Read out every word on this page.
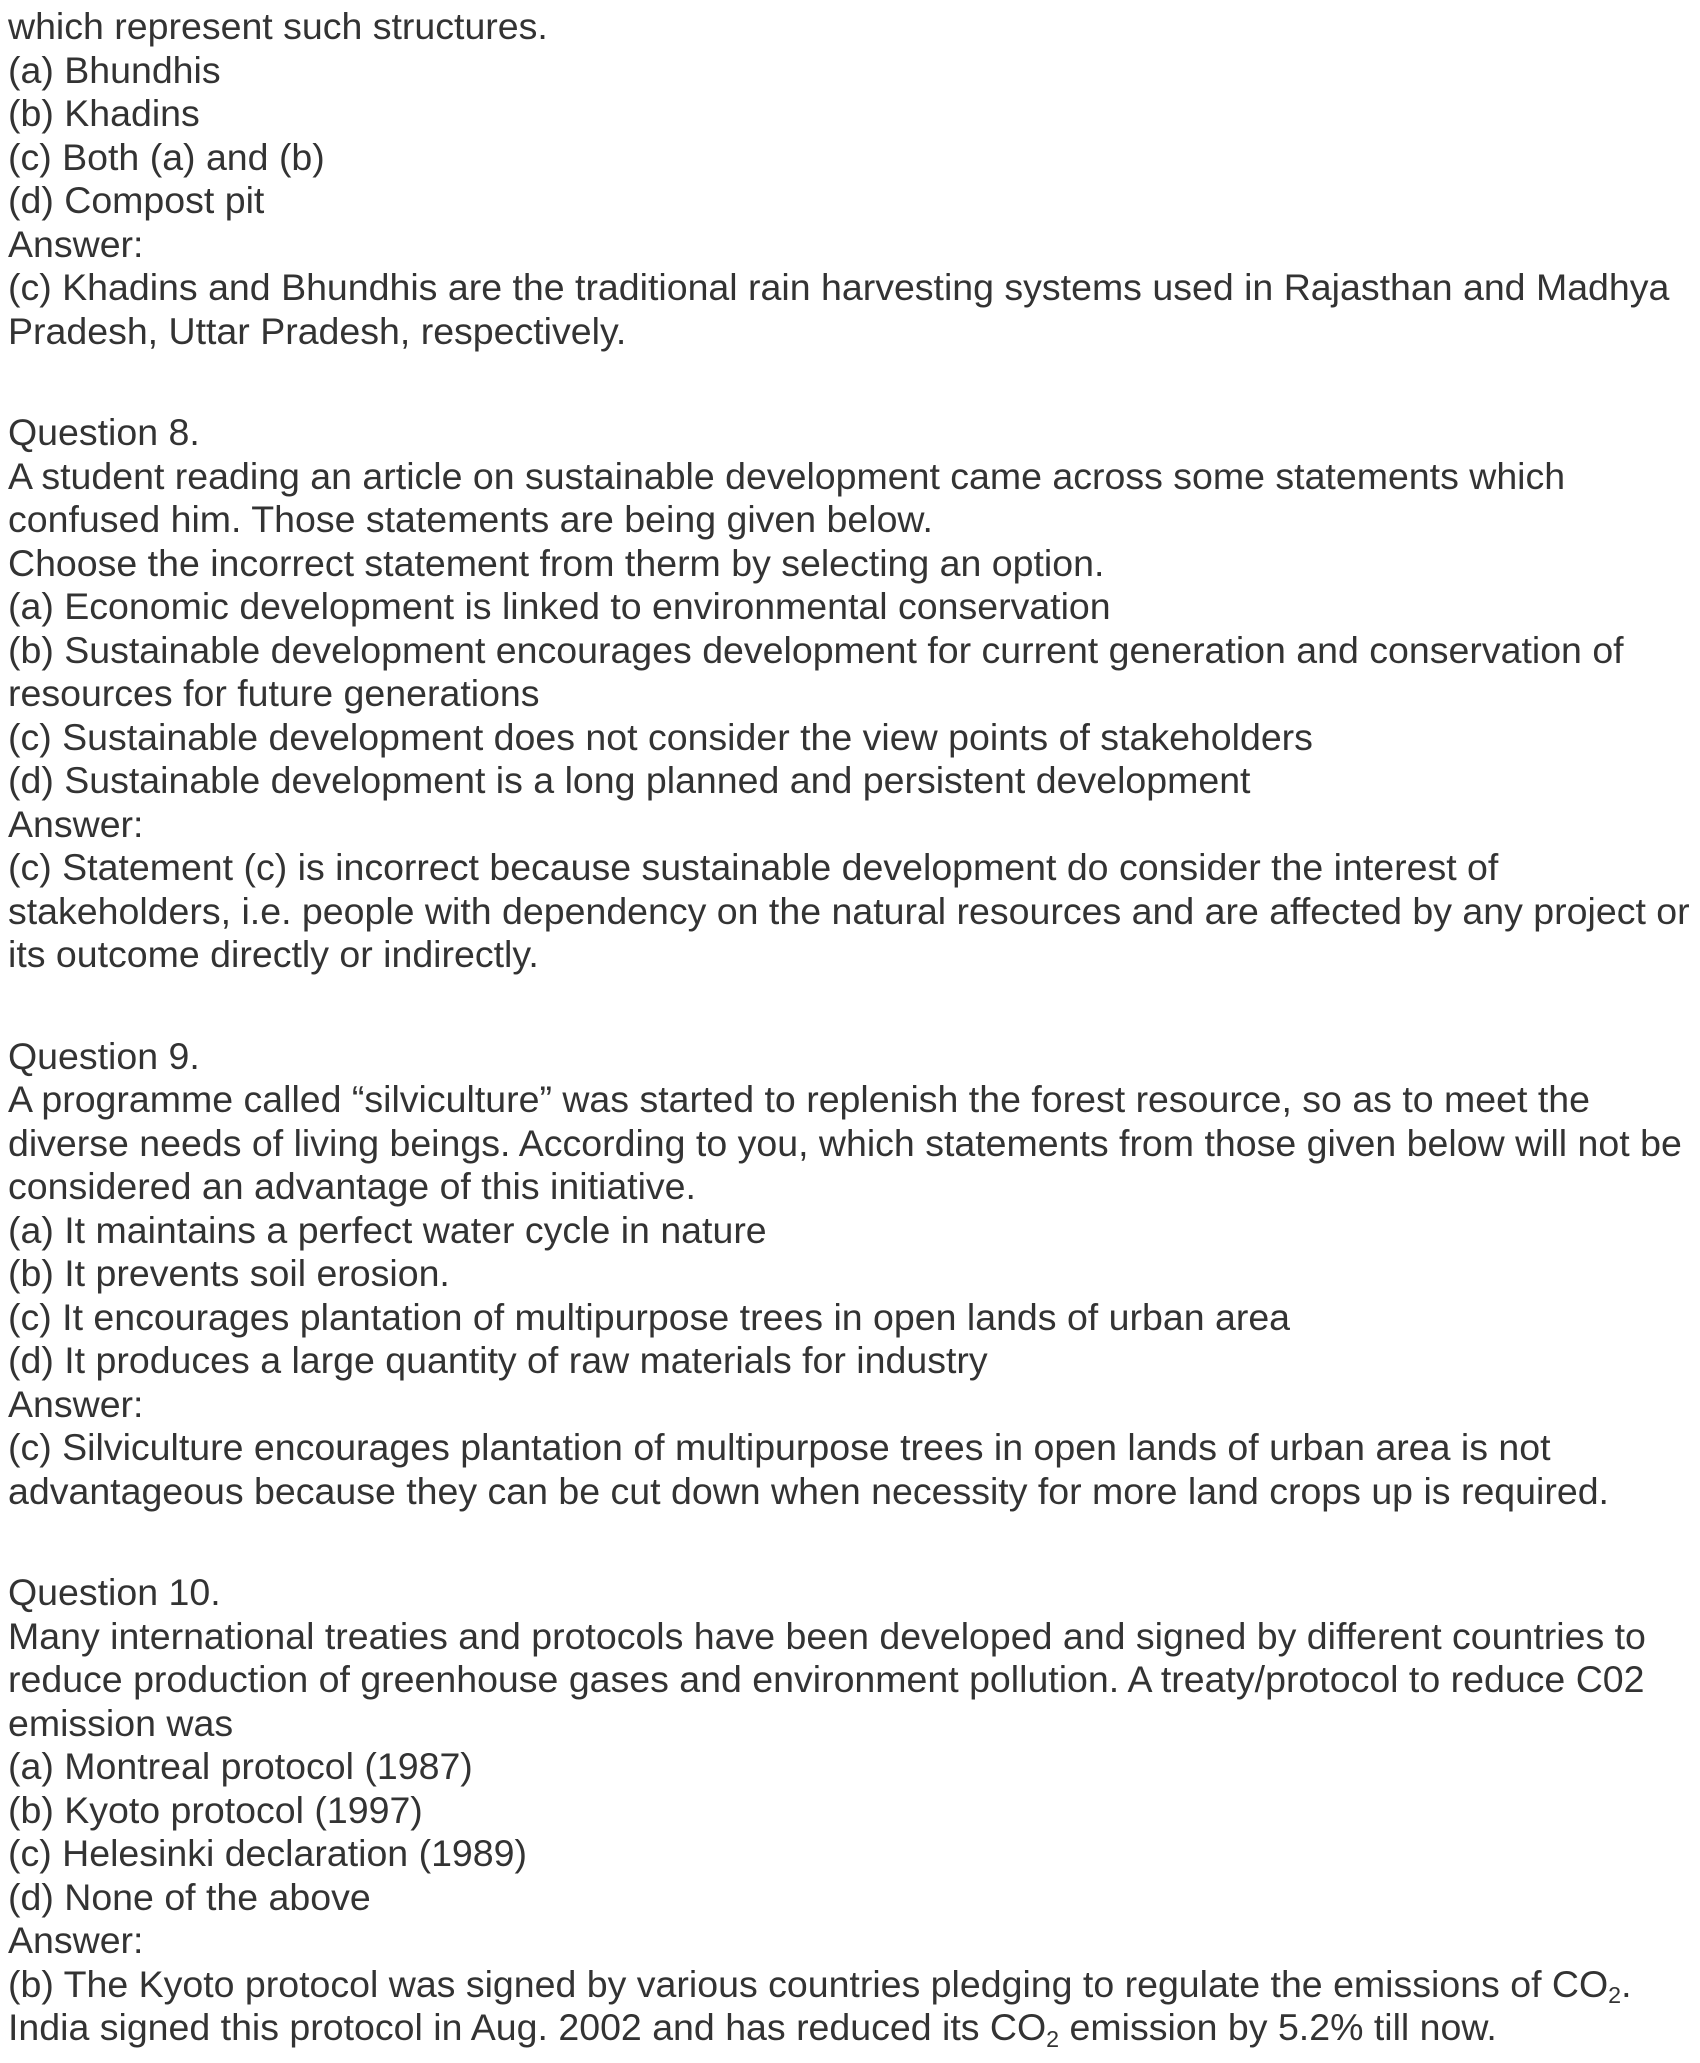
which represent such structures.
(a) Bhundhis
(b) Khadins
(c) Both (a) and (b)
(d) Compost pit
Answer:
(c) Khadins and Bhundhis are the traditional rain harvesting systems used in Rajasthan and Madhya
Pradesh, Uttar Pradesh, respectively.
Question 8.
A student reading an article on sustainable development came across some statements which
confused him. Those statements are being given below.
Choose the incorrect statement from therm by selecting an option.
(a) Economic development is linked to environmental conservation
(b) Sustainable development encourages development for current generation and conservation of
resources for future generations
(c) Sustainable development does not consider the view points of stakeholders
(d) Sustainable development is a long planned and persistent development
Answer:
(c) Statement (c) is incorrect because sustainable development do consider the interest of
stakeholders, i.e. people with dependency on the natural resources and are affected by any project or
its outcome directly or indirectly.
Question 9.
A programme called “silviculture” was started to replenish the forest resource, so as to meet the
diverse needs of living beings. According to you, which statements from those given below will not be
considered an advantage of this initiative.
(a) It maintains a perfect water cycle in nature
(b) It prevents soil erosion.
(c) It encourages plantation of multipurpose trees in open lands of urban area
(d) It produces a large quantity of raw materials for industry
Answer:
(c) Silviculture encourages plantation of multipurpose trees in open lands of urban area is not
advantageous because they can be cut down when necessity for more land crops up is required.
Question 10.
Many international treaties and protocols have been developed and signed by different countries to
reduce production of greenhouse gases and environment pollution. A treaty/protocol to reduce C02
emission was
(a) Montreal protocol (1987)
(b) Kyoto protocol (1997)
(c) Helesinki declaration (1989)
(d) None of the above
Answer:
(b) The Kyoto protocol was signed by various countries pledging to regulate the emissions of CO2.
India signed this protocol in Aug. 2002 and has reduced its CO2 emission by 5.2% till now.
